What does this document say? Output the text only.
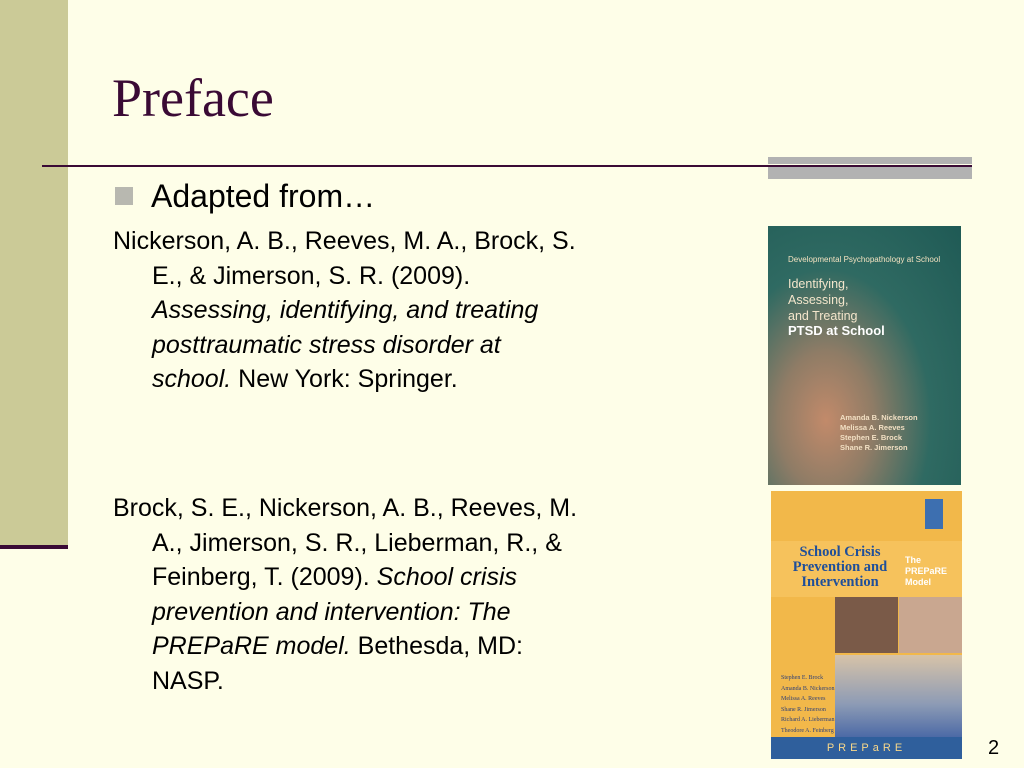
Preface
Adapted from…
Nickerson, A. B., Reeves, M. A., Brock, S.
E., & Jimerson, S. R. (2009).
Assessing, identifying, and treating
posttraumatic stress disorder at
school. New York: Springer.
Brock, S. E., Nickerson, A. B., Reeves, M.
A., Jimerson, S. R., Lieberman, R., &
Feinberg, T. (2009). School crisis
prevention and intervention: The
PREPaRE model. Bethesda, MD:
NASP.
Developmental Psychopathology at School
Identifying,
Assessing,
and Treating
PTSD at School
Amanda B. Nickerson
Melissa A. Reeves
Stephen E. Brock
Shane R. Jimerson
School Crisis
Prevention and
Intervention
The
PREPaRE
Model
Stephen E. Brock
Amanda B. Nickerson
Melissa A. Reeves
Shane R. Jimerson
Richard A. Lieberman
Theodore A. Feinberg
PREPaRE	2
